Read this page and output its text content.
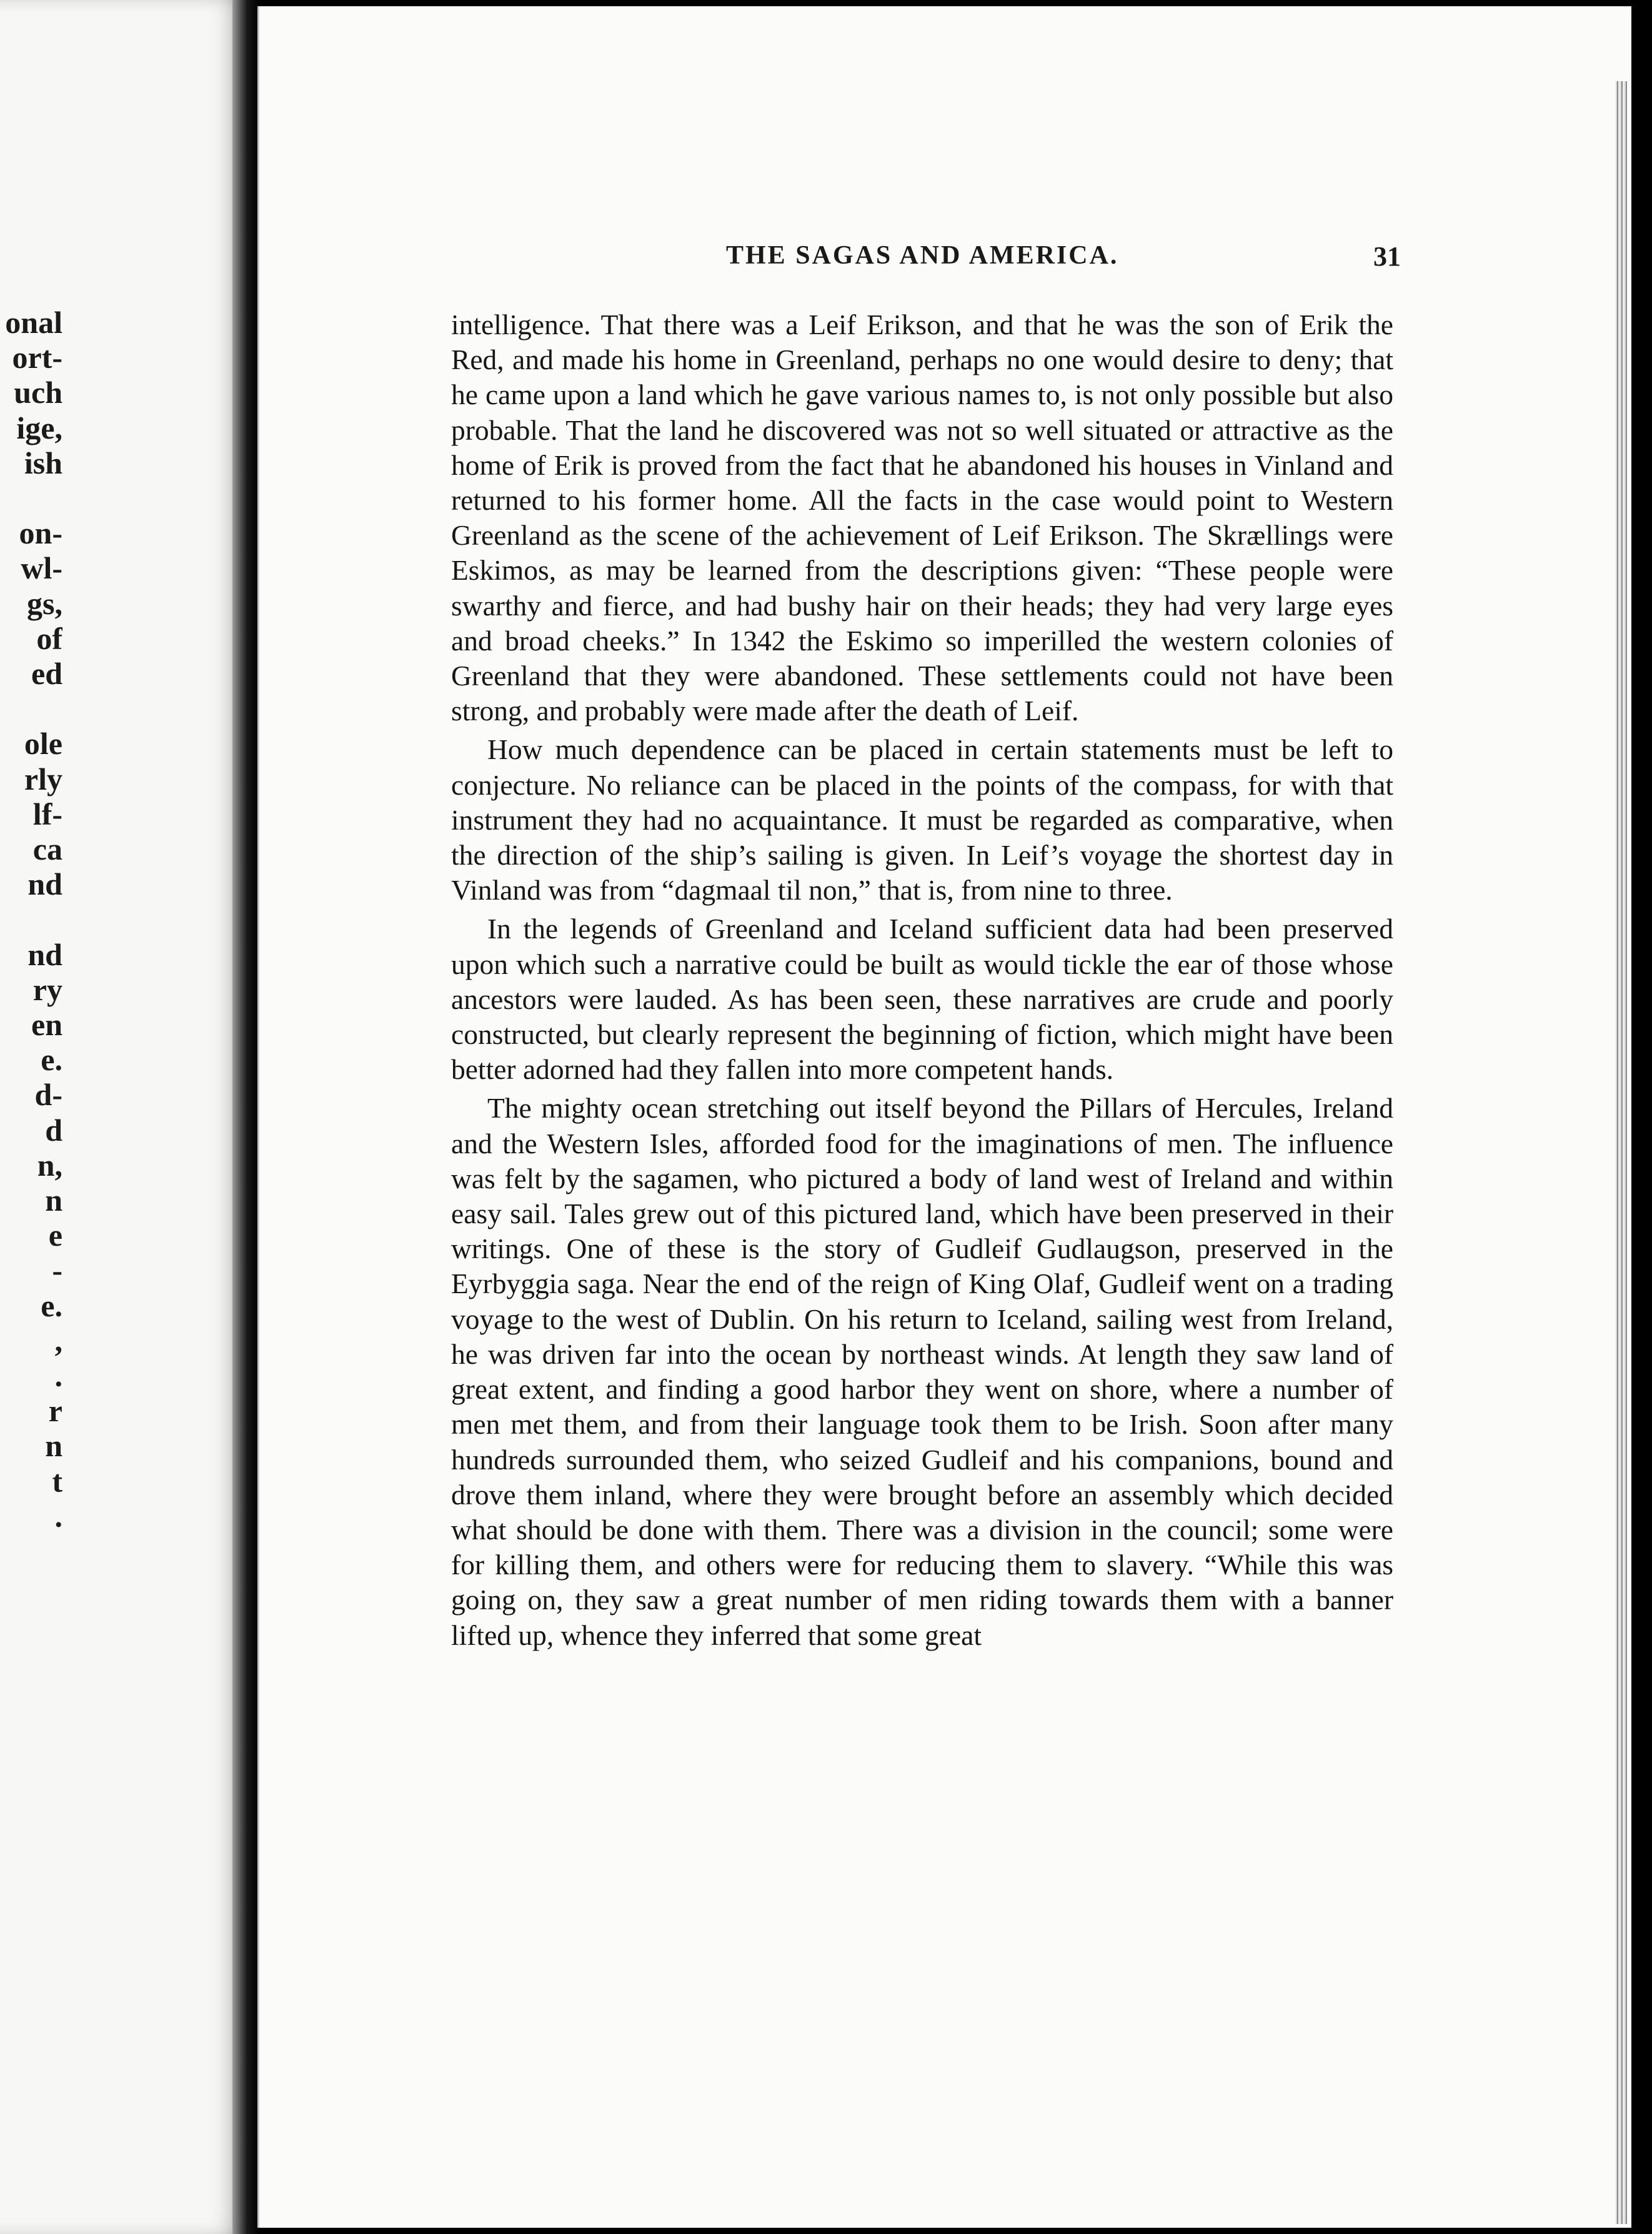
onal
ort-
uch
ige,
ish
on-
wl-
gs,
of
ed
ole
rly
lf-
ca
nd
nd
ry
en
e.
d-
d
n,
n
e
-
e.
,
.
r
n
t
.
THE SAGAS AND AMERICA.	31

intelligence. That there was a Leif Erikson, and that he was the son of Erik the Red, and made his home in Greenland, perhaps no one would desire to deny; that he came upon a land which he gave various names to, is not only possible but also probable. That the land he discovered was not so well situated or attractive as the home of Erik is proved from the fact that he abandoned his houses in Vinland and returned to his former home. All the facts in the case would point to Western Greenland as the scene of the achievement of Leif Erikson. The Skrællings were Eskimos, as may be learned from the descriptions given: “These people were swarthy and fierce, and had bushy hair on their heads; they had very large eyes and broad cheeks.” In 1342 the Eskimo so imperilled the western colonies of Greenland that they were abandoned. These settlements could not have been strong, and probably were made after the death of Leif.

How much dependence can be placed in certain statements must be left to conjecture. No reliance can be placed in the points of the compass, for with that instrument they had no acquaintance. It must be regarded as comparative, when the direction of the ship’s sailing is given. In Leif’s voyage the shortest day in Vinland was from “dagmaal til non,” that is, from nine to three.

In the legends of Greenland and Iceland sufficient data had been preserved upon which such a narrative could be built as would tickle the ear of those whose ancestors were lauded. As has been seen, these narratives are crude and poorly constructed, but clearly represent the beginning of fiction, which might have been better adorned had they fallen into more competent hands.

The mighty ocean stretching out itself beyond the Pillars of Hercules, Ireland and the Western Isles, afforded food for the imaginations of men. The influence was felt by the sagamen, who pictured a body of land west of Ireland and within easy sail. Tales grew out of this pictured land, which have been preserved in their writings. One of these is the story of Gudleif Gudlaugson, preserved in the Eyrbyggia saga. Near the end of the reign of King Olaf, Gudleif went on a trading voyage to the west of Dublin. On his return to Iceland, sailing west from Ireland, he was driven far into the ocean by northeast winds. At length they saw land of great extent, and finding a good harbor they went on shore, where a number of men met them, and from their language took them to be Irish. Soon after many hundreds surrounded them, who seized Gudleif and his companions, bound and drove them inland, where they were brought before an assembly which decided what should be done with them. There was a division in the council; some were for killing them, and others were for reducing them to slavery. “While this was going on, they saw a great number of men riding towards them with a banner lifted up, whence they inferred that some great
